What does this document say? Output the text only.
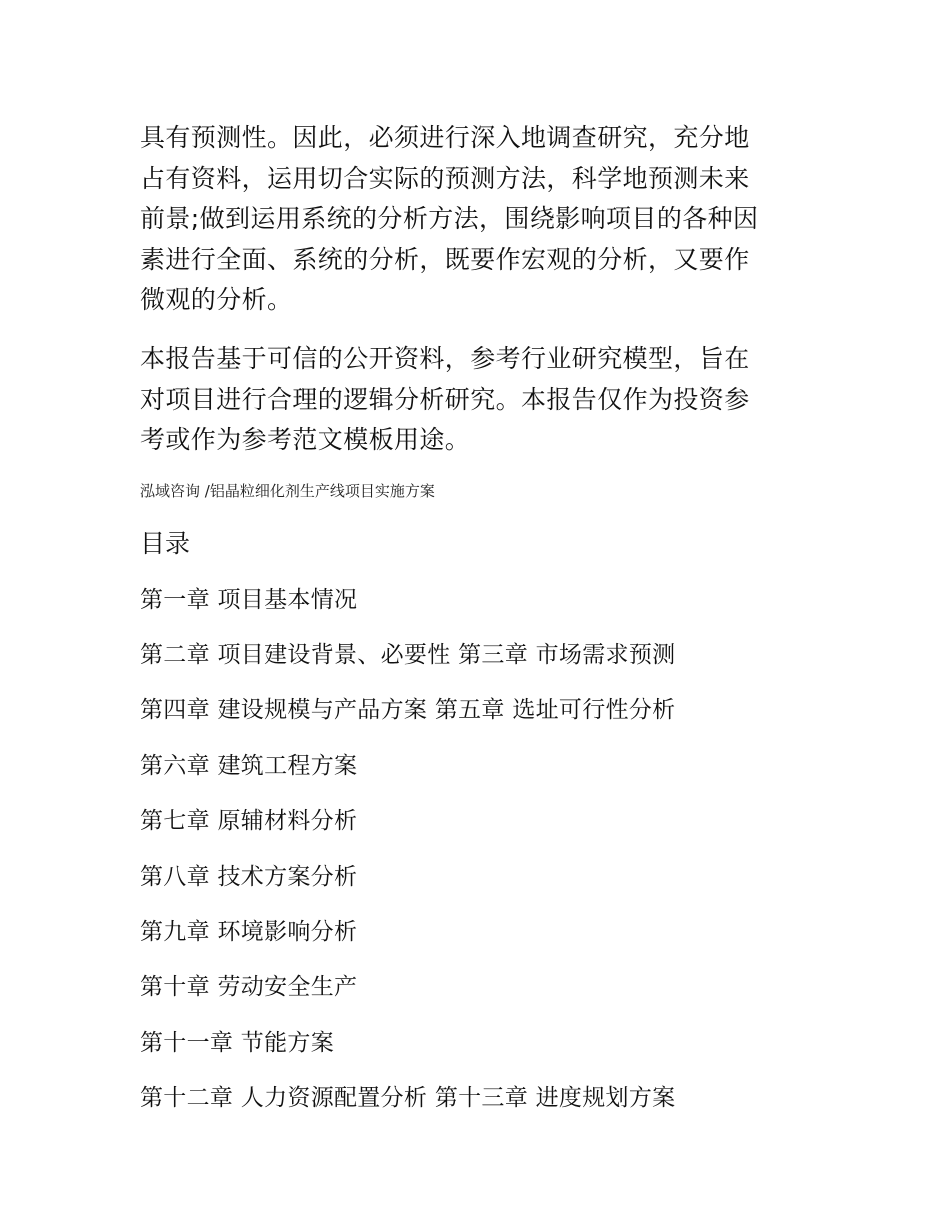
具有预测性。因此，必须进行深入地调查研究，充分地
占有资料，运用切合实际的预测方法，科学地预测未来
前景;做到运用系统的分析方法，围绕影响项目的各种因
素进行全面、系统的分析，既要作宏观的分析，又要作
微观的分析。

本报告基于可信的公开资料，参考行业研究模型，旨在
对项目进行合理的逻辑分析研究。本报告仅作为投资参
考或作为参考范文模板用途。

泓域咨询 /铝晶粒细化剂生产线项目实施方案
目录
第一章 项目基本情况
第二章 项目建设背景、必要性 第三章 市场需求预测
第四章 建设规模与产品方案 第五章 选址可行性分析
第六章 建筑工程方案
第七章 原辅材料分析
第八章 技术方案分析
第九章 环境影响分析
第十章 劳动安全生产
第十一章 节能方案
第十二章 人力资源配置分析 第十三章 进度规划方案
